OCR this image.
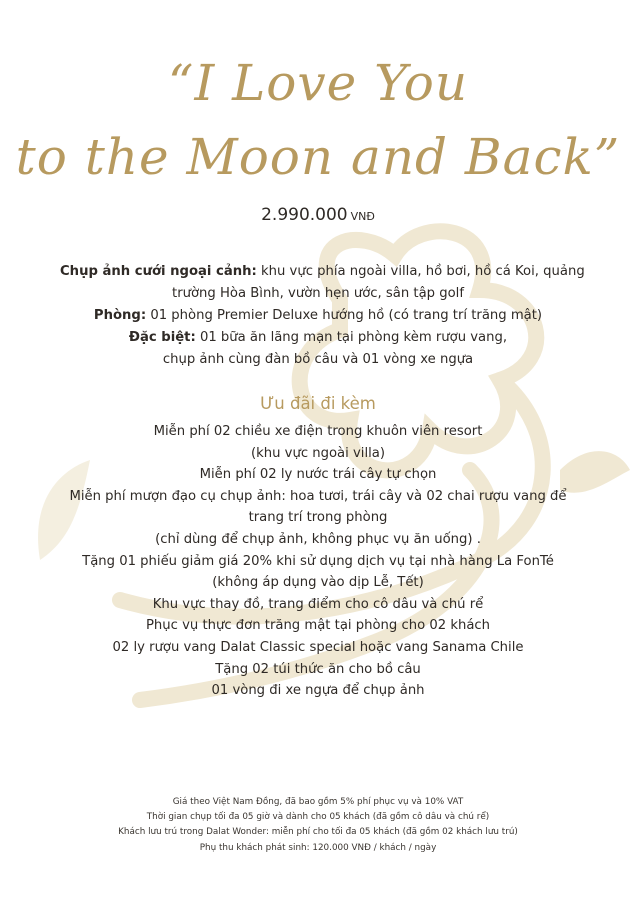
“I Love You
to the Moon and Back”
2.990.000 VNĐ
Chụp ảnh cưới ngoại cảnh: khu vực phía ngoài villa, hồ bơi, hồ cá Koi, quảng
trường Hòa Bình, vườn hẹn ước, sân tập golf
Phòng: 01 phòng Premier Deluxe hướng hồ (có trang trí trăng mật)
Đặc biệt: 01 bữa ăn lãng mạn tại phòng kèm rượu vang,
chụp ảnh cùng đàn bồ câu và 01 vòng xe ngựa
Ưu đãi đi kèm
Miễn phí 02 chiều xe điện trong khuôn viên resort
(khu vực ngoài villa)
Miễn phí 02 ly nước trái cây tự chọn
Miễn phí mượn đạo cụ chụp ảnh: hoa tươi, trái cây và 02 chai rượu vang để
trang trí trong phòng
(chỉ dùng để chụp ảnh, không phục vụ ăn uống) .
Tặng 01 phiếu giảm giá 20% khi sử dụng dịch vụ tại nhà hàng La FonTé
(không áp dụng vào dịp Lễ, Tết)
Khu vực thay đồ, trang điểm cho cô dâu và chú rể
Phục vụ thực đơn trăng mật tại phòng cho 02 khách
02 ly rượu vang Dalat Classic special hoặc vang Sanama Chile
Tặng 02 túi thức ăn cho bồ câu
01 vòng đi xe ngựa để chụp ảnh
Giá theo Việt Nam Đồng, đã bao gồm 5% phí phục vụ và 10% VAT
Thời gian chụp tối đa 05 giờ và dành cho 05 khách (đã gồm cô dâu và chú rể)
Khách lưu trú trong Dalat Wonder: miễn phí cho tối đa 05 khách (đã gồm 02 khách lưu trú)
Phụ thu khách phát sinh: 120.000 VNĐ / khách / ngày
